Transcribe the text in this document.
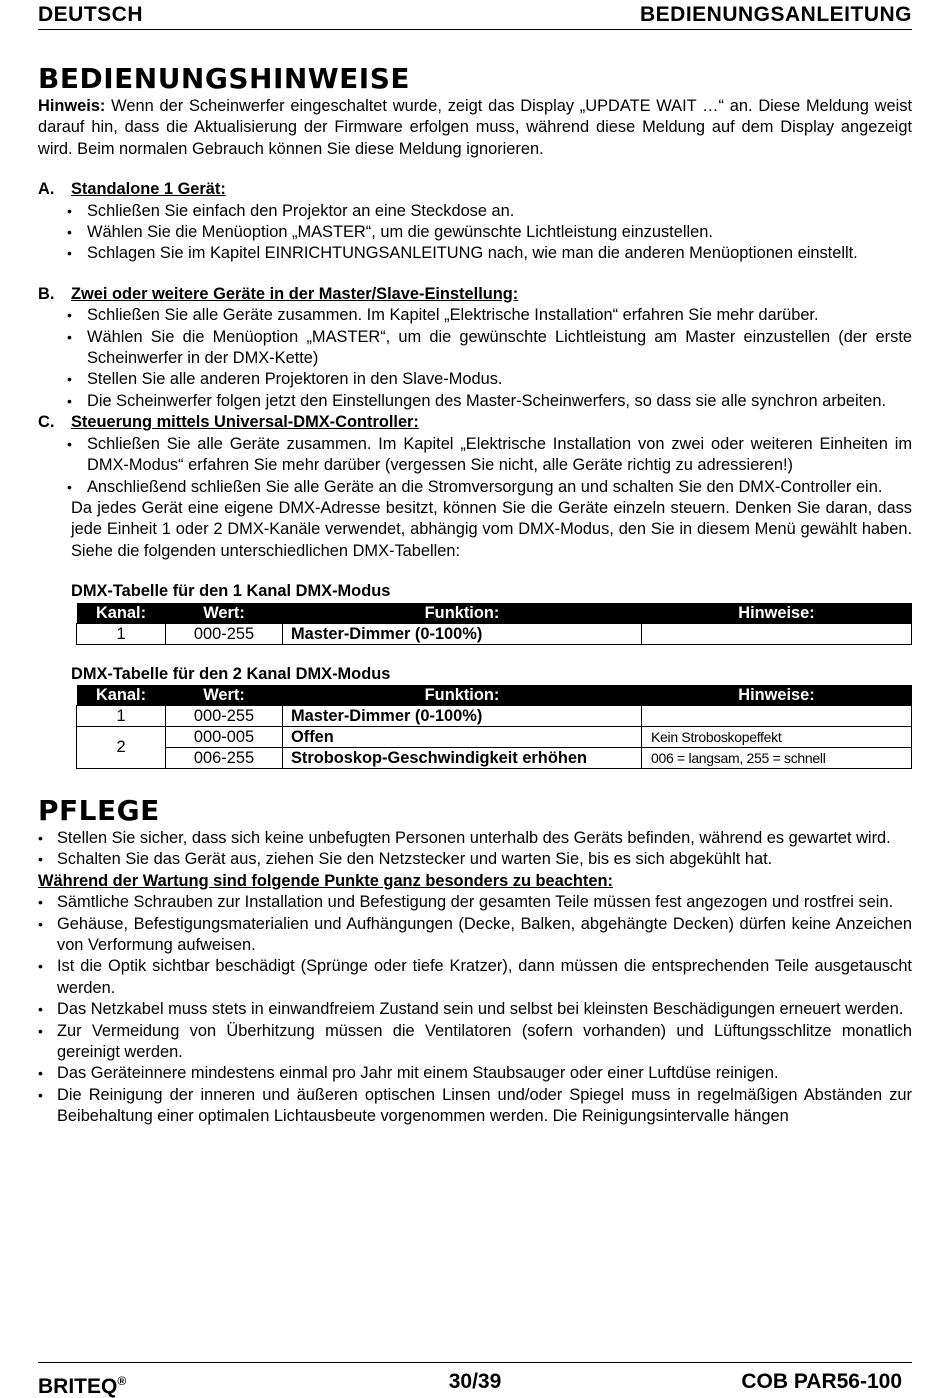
DEUTSCH	BEDIENUNGSANLEITUNG
BEDIENUNGSHINWEISE

Hinweis: Wenn der Scheinwerfer eingeschaltet wurde, zeigt das Display „UPDATE WAIT …“ an. Diese Meldung weist darauf hin, dass die Aktualisierung der Firmware erfolgen muss, während diese Meldung auf dem Display angezeigt wird. Beim normalen Gebrauch können Sie diese Meldung ignorieren.

A. Standalone 1 Gerät:
• Schließen Sie einfach den Projektor an eine Steckdose an.
• Wählen Sie die Menüoption „MASTER“, um die gewünschte Lichtleistung einzustellen.
• Schlagen Sie im Kapitel EINRICHTUNGSANLEITUNG nach, wie man die anderen Menüoptionen einstellt.
B. Zwei oder weitere Geräte in der Master/Slave-Einstellung:
• Schließen Sie alle Geräte zusammen. Im Kapitel „Elektrische Installation“ erfahren Sie mehr darüber.
• Wählen Sie die Menüoption „MASTER“, um die gewünschte Lichtleistung am Master einzustellen (der erste Scheinwerfer in der DMX-Kette)
• Stellen Sie alle anderen Projektoren in den Slave-Modus.
• Die Scheinwerfer folgen jetzt den Einstellungen des Master-Scheinwerfers, so dass sie alle synchron arbeiten.
C. Steuerung mittels Universal-DMX-Controller:
• Schließen Sie alle Geräte zusammen. Im Kapitel „Elektrische Installation von zwei oder weiteren Einheiten im DMX-Modus“ erfahren Sie mehr darüber (vergessen Sie nicht, alle Geräte richtig zu adressieren!)
• Anschließend schließen Sie alle Geräte an die Stromversorgung an und schalten Sie den DMX-Controller ein.

Da jedes Gerät eine eigene DMX-Adresse besitzt, können Sie die Geräte einzeln steuern. Denken Sie daran, dass jede Einheit 1 oder 2 DMX-Kanäle verwendet, abhängig vom DMX-Modus, den Sie in diesem Menü gewählt haben. Siehe die folgenden unterschiedlichen DMX-Tabellen:

DMX-Tabelle für den 1 Kanal DMX-Modus
Kanal:	Wert:	Funktion:	Hinweise:
1	000-255	Master-Dimmer (0-100%)	
DMX-Tabelle für den 2 Kanal DMX-Modus
Kanal:	Wert:	Funktion:	Hinweise:
1	000-255	Master-Dimmer (0-100%)	
2	000-005	Offen	Kein Stroboskopeffekt
	006-255	Stroboskop-Geschwindigkeit erhöhen	006 = langsam, 255 = schnell
PFLEGE
• Stellen Sie sicher, dass sich keine unbefugten Personen unterhalb des Geräts befinden, während es gewartet wird.
• Schalten Sie das Gerät aus, ziehen Sie den Netzstecker und warten Sie, bis es sich abgekühlt hat.
Während der Wartung sind folgende Punkte ganz besonders zu beachten:
• Sämtliche Schrauben zur Installation und Befestigung der gesamten Teile müssen fest angezogen und rostfrei sein.
• Gehäuse, Befestigungsmaterialien und Aufhängungen (Decke, Balken, abgehängte Decken) dürfen keine Anzeichen von Verformung aufweisen.
• Ist die Optik sichtbar beschädigt (Sprünge oder tiefe Kratzer), dann müssen die entsprechenden Teile ausgetauscht werden.
• Das Netzkabel muss stets in einwandfreiem Zustand sein und selbst bei kleinsten Beschädigungen erneuert werden.
• Zur Vermeidung von Überhitzung müssen die Ventilatoren (sofern vorhanden) und Lüftungsschlitze monatlich gereinigt werden.
• Das Geräteinnere mindestens einmal pro Jahr mit einem Staubsauger oder einer Luftdüse reinigen.
• Die Reinigung der inneren und äußeren optischen Linsen und/oder Spiegel muss in regelmäßigen Abständen zur Beibehaltung einer optimalen Lichtausbeute vorgenommen werden. Die Reinigungsintervalle hängen
BRITEQ®	30/39	COB PAR56-100
